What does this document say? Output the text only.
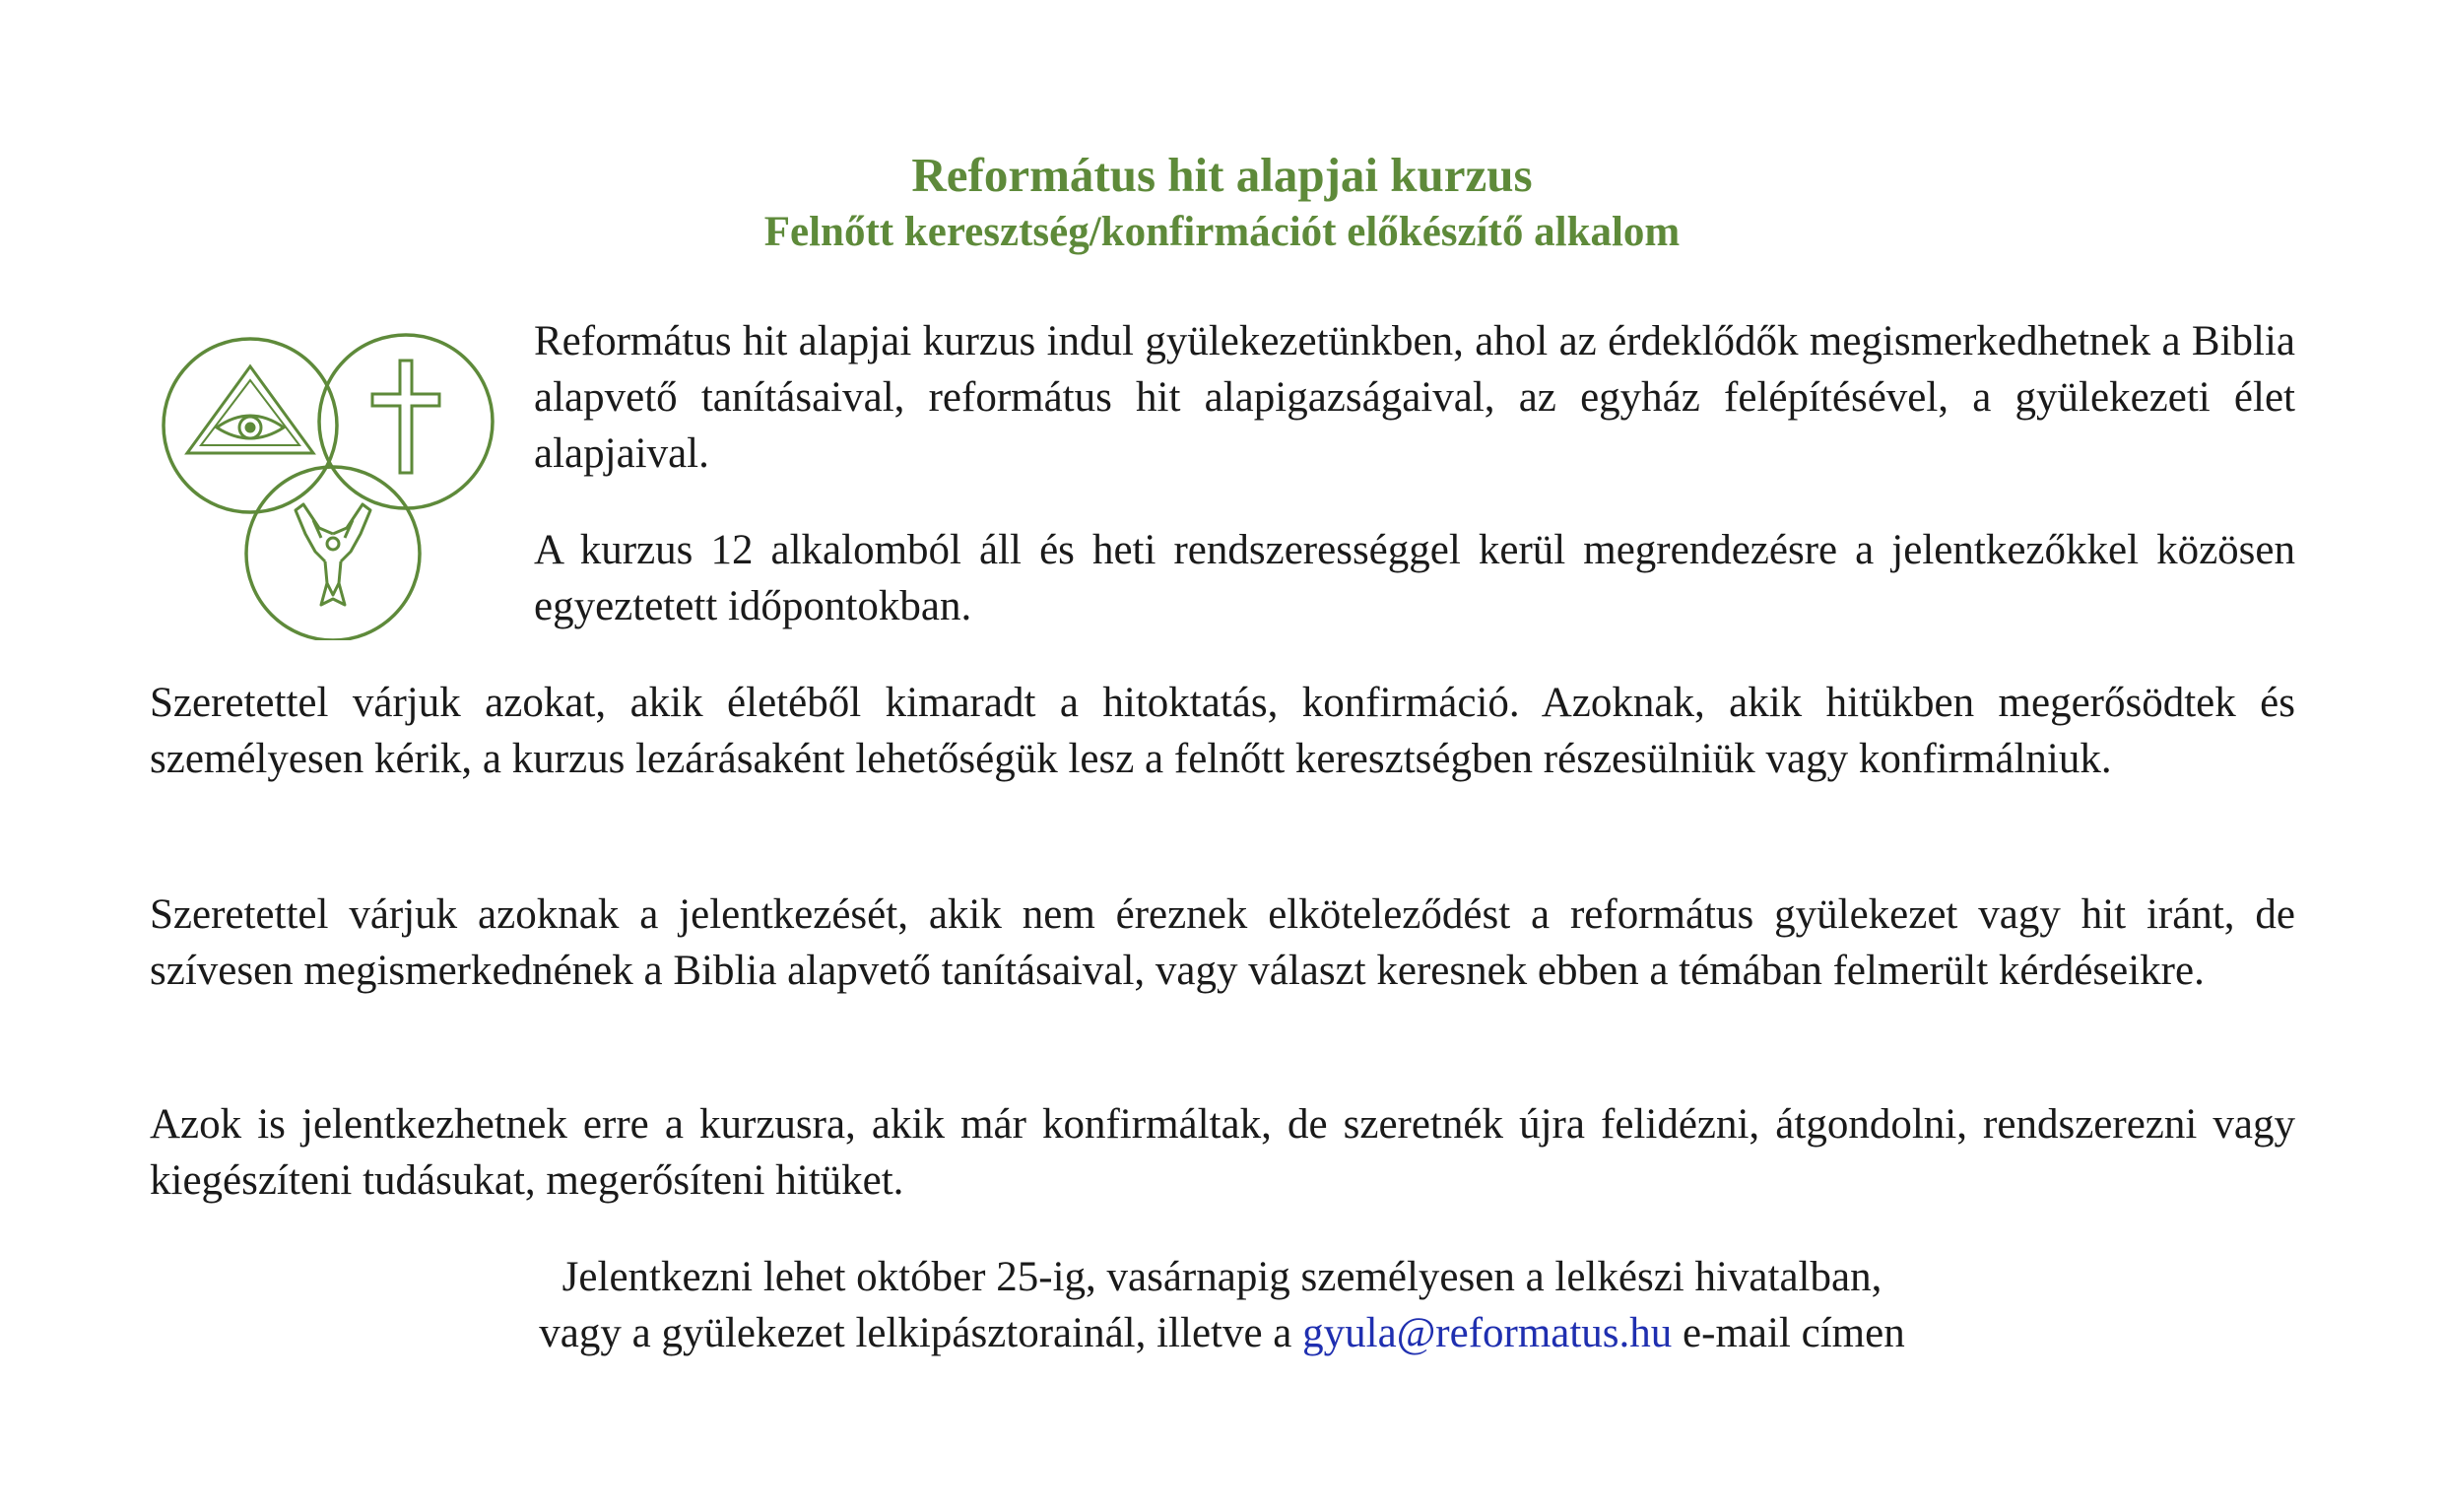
Református hit alapjai kurzus

Felnőtt keresztség/konfirmációt előkészítő alkalom

Református hit alapjai kurzus indul gyülekezetünkben, ahol az érdeklődők megismerkedhetnek a Biblia alapvető tanításaival, református hit alapigazságaival, az egyház felépítésével, a gyülekezeti élet alapjaival.

A kurzus 12 alkalomból áll és heti rendszerességgel kerül megrendezésre a jelentkezőkkel közösen egyeztetett időpontokban.

Szeretettel várjuk azokat, akik életéből kimaradt a hitoktatás, konfirmáció. Azoknak, akik hitükben megerősödtek és személyesen kérik, a kurzus lezárásaként lehetőségük lesz a felnőtt keresztségben részesülniük vagy konfirmálniuk.

Szeretettel várjuk azoknak a jelentkezését, akik nem éreznek elköteleződést a református gyülekezet vagy hit iránt, de szívesen megismerkednének a Biblia alapvető tanításaival, vagy választ keresnek ebben a témában felmerült kérdéseikre.

Azok is jelentkezhetnek erre a kurzusra, akik már konfirmáltak, de szeretnék újra felidézni, átgondolni, rendszerezni vagy kiegészíteni tudásukat, megerősíteni hitüket.

Jelentkezni lehet október 25-ig, vasárnapig személyesen a lelkészi hivatalban,

vagy a gyülekezet lelkipásztorainál, illetve a gyula@reformatus.hu e-mail címen
